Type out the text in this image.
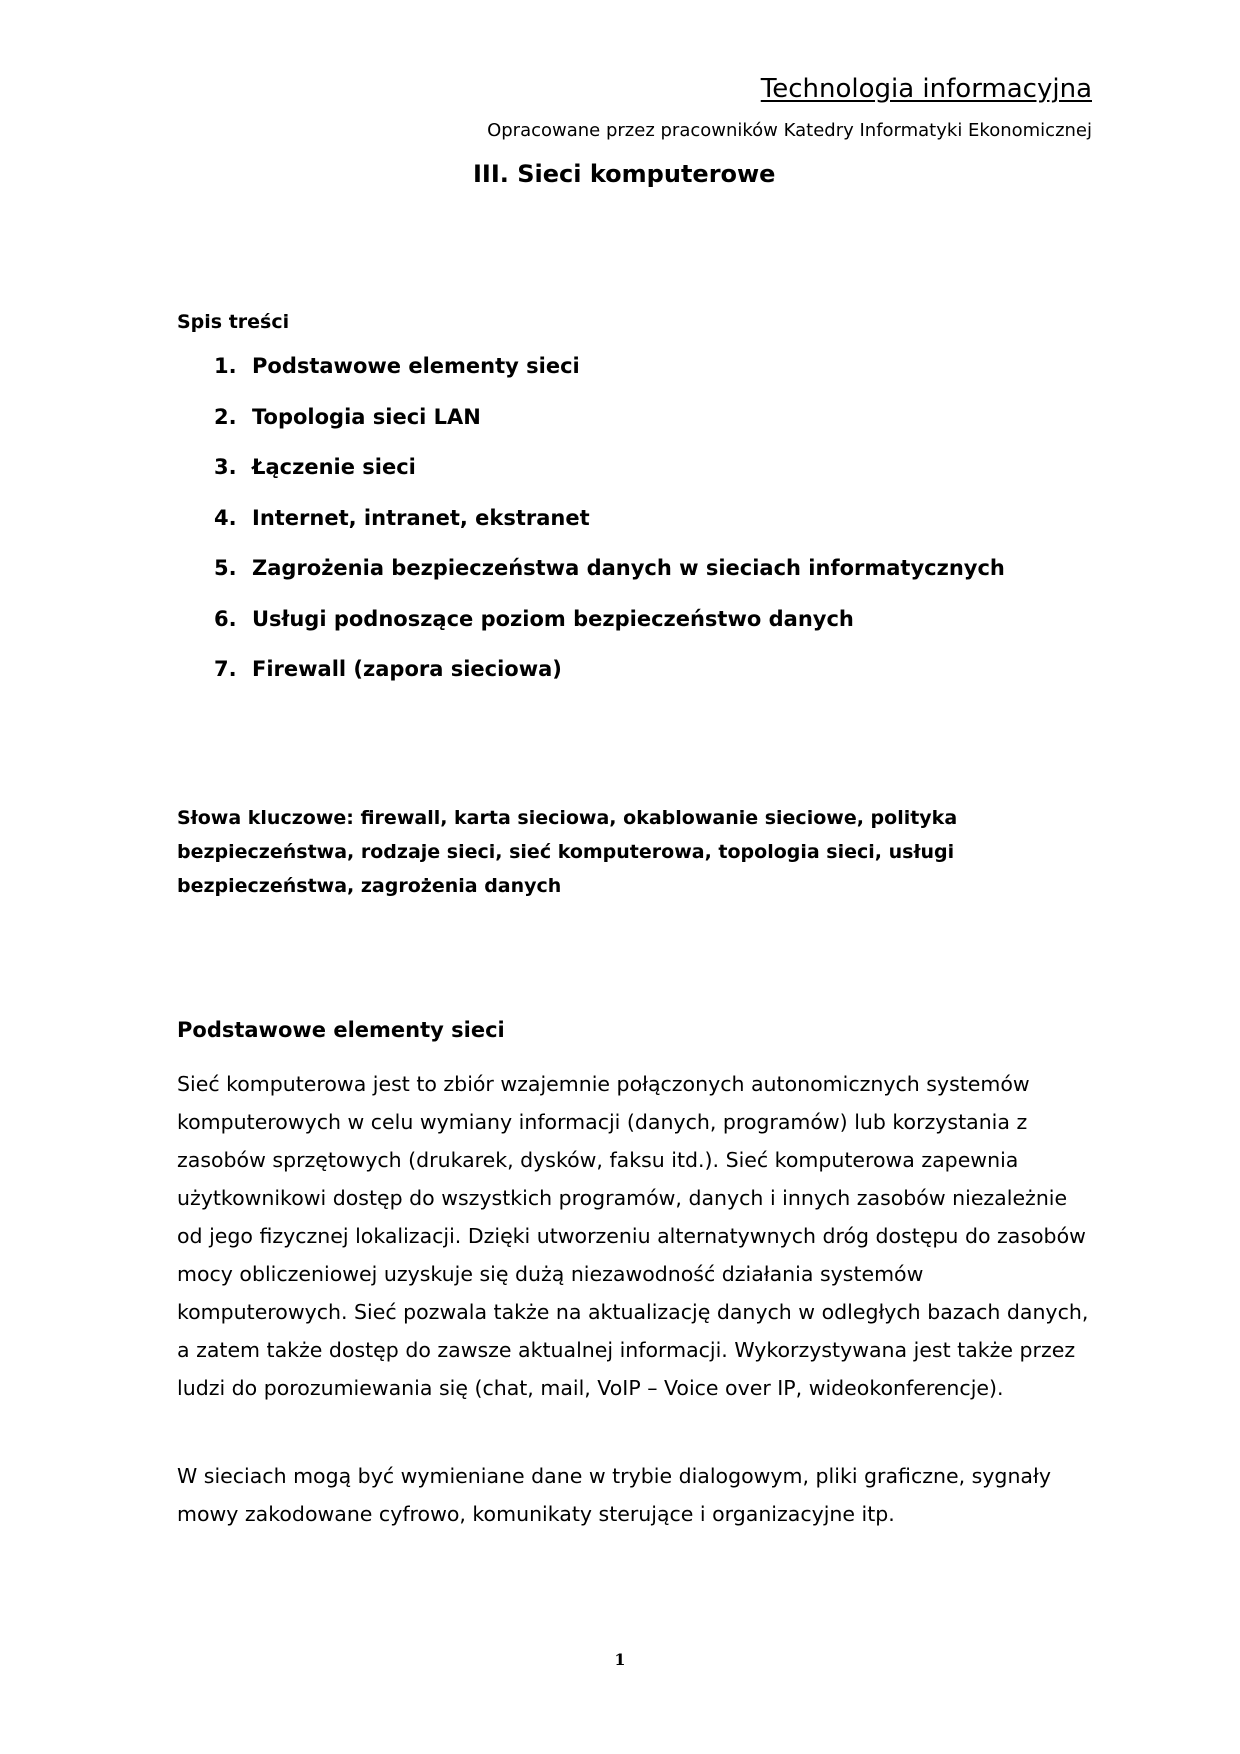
Technologia informacyjna
Opracowane przez pracowników Katedry Informatyki Ekonomicznej
III. Sieci komputerowe
Spis treści
1. Podstawowe elementy sieci
2. Topologia sieci LAN
3. Łączenie sieci
4. Internet, intranet, ekstranet
5. Zagrożenia bezpieczeństwa danych w sieciach informatycznych
6. Usługi podnoszące poziom bezpieczeństwo danych
7. Firewall (zapora sieciowa)

Słowa kluczowe: firewall, karta sieciowa, okablowanie sieciowe, polityka bezpieczeństwa, rodzaje sieci, sieć komputerowa, topologia sieci, usługi bezpieczeństwa, zagrożenia danych

Podstawowe elementy sieci

Sieć komputerowa jest to zbiór wzajemnie połączonych autonomicznych systemów komputerowych w celu wymiany informacji (danych, programów) lub korzystania z zasobów sprzętowych (drukarek, dysków, faksu itd.). Sieć komputerowa zapewnia użytkownikowi dostęp do wszystkich programów, danych i innych zasobów niezależnie od jego fizycznej lokalizacji. Dzięki utworzeniu alternatywnych dróg dostępu do zasobów mocy obliczeniowej uzyskuje się dużą niezawodność działania systemów komputerowych. Sieć pozwala także na aktualizację danych w odległych bazach danych, a zatem także dostęp do zawsze aktualnej informacji. Wykorzystywana jest także przez ludzi do porozumiewania się (chat, mail, VoIP – Voice over IP, wideokonferencje).

W sieciach mogą być wymieniane dane w trybie dialogowym, pliki graficzne, sygnały mowy zakodowane cyfrowo, komunikaty sterujące i organizacyjne itp.

1
